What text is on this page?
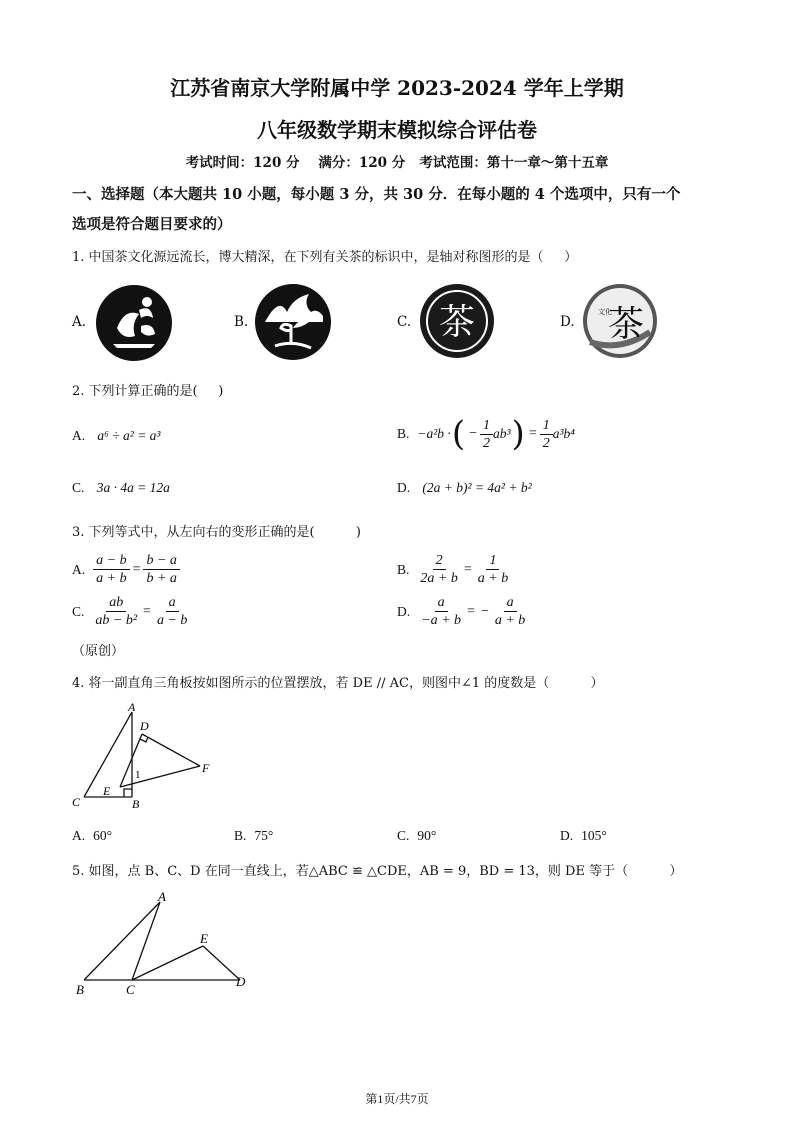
江苏省南京大学附属中学 2023-2024 学年上学期
八年级数学期末模拟综合评估卷
考试时间：120 分    满分：120 分   考试范围：第十一章～第十五章
一、选择题（本大题共 10 小题，每小题 3 分，共 30 分．在每小题的 4 个选项中，只有一个
选项是符合题目要求的）
1. 中国茶文化源远流长，博大精深，在下列有关茶的标识中，是轴对称图形的是（     ）
A.	B.	C. 茶	D. 茶
文化
2. 下列计算正确的是(     )
A. a⁶ ÷ a² = a³	B. −a²b · ( − $\frac{1}{2} ab^3$ ) = $\frac{1}{2} a^3b^4$
C. 3a · 4a = 12a	D. (2a + b)² = 4a² + b²
3. 下列等式中，从左向右的变形正确的是(          )
A. $\frac{a - b}{a + b} = \frac{b - a}{b + a}$	B. $\frac{2}{2a + b} = \frac{1}{a + b}$
C. $\frac{ab}{\text{ab − b²}} = \frac{a}{a - b}$	D. $\frac{a}{-a + b}$ = − $\frac{a}{a + b}$
（原创）
4. 将一副直角三角板按如图所示的位置摆放，若 DE // AC，则图中∠1 的度数是（          ）
A
D
F
1
E
C	B
A. 60°	B. 75°	C. 90°	D. 105°
5. 如图，点 B、C、D 在同一直线上，若△ABC ≌ △CDE，AB = 9，BD = 13，则 DE 等于（          ）
A
E
B	C
D
第1页/共7页
